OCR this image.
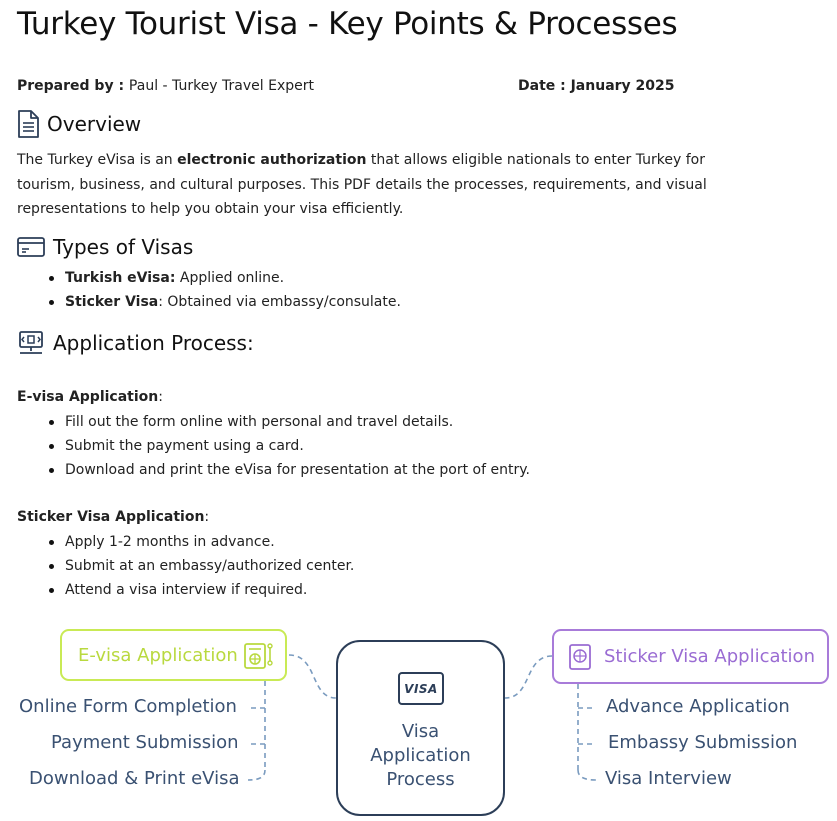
Turkey Tourist Visa - Key Points & Processes
Prepared by : Paul - Turkey Travel Expert	Date : January 2025
Overview
The Turkey eVisa is an electronic authorization that allows eligible nationals to enter Turkey for tourism, business, and cultural purposes. This PDF details the processes, requirements, and visual representations to help you obtain your visa efficiently.
Types of Visas
Turkish eVisa: Applied online.
Sticker Visa: Obtained via embassy/consulate.
Application Process:
E-visa Application:
Fill out the form online with personal and travel details.
Submit the payment using a card.
Download and print the eVisa for presentation at the port of entry.
Sticker Visa Application:
Apply 1-2 months in advance.
Submit at an embassy/authorized center.
Attend a visa interview if required.
E-visa Application	Sticker Visa Application
VISA
Visa
Application
Process
Online Form Completion
Payment Submission
Download & Print eVisa
Advance Application
Embassy Submission
Visa Interview
